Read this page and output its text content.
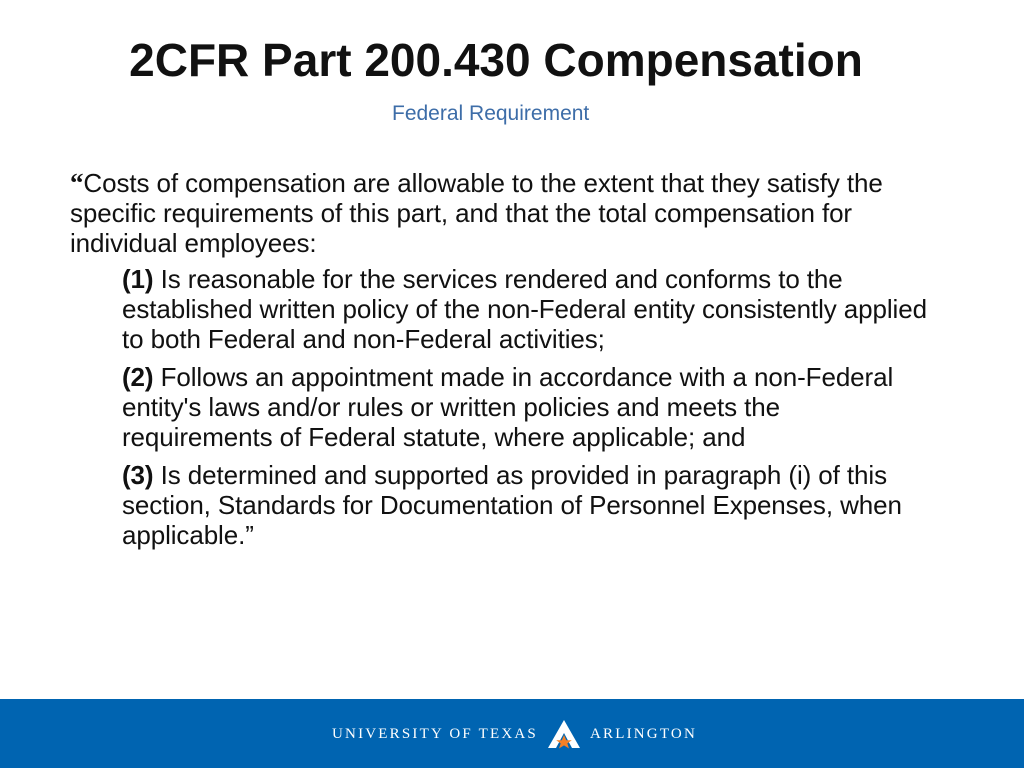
2CFR Part 200.430 Compensation
Federal Requirement

“Costs of compensation are allowable to the extent that they satisfy the specific requirements of this part, and that the total compensation for individual employees:

(1) Is reasonable for the services rendered and conforms to the established written policy of the non-Federal entity consistently applied to both Federal and non-Federal activities;

(2) Follows an appointment made in accordance with a non-Federal entity's laws and/or rules or written policies and meets the requirements of Federal statute, where applicable; and

(3) Is determined and supported as provided in paragraph (i) of this section, Standards for Documentation of Personnel Expenses, when applicable.”

UNIVERSITY OF TEXAS	ARLINGTON
